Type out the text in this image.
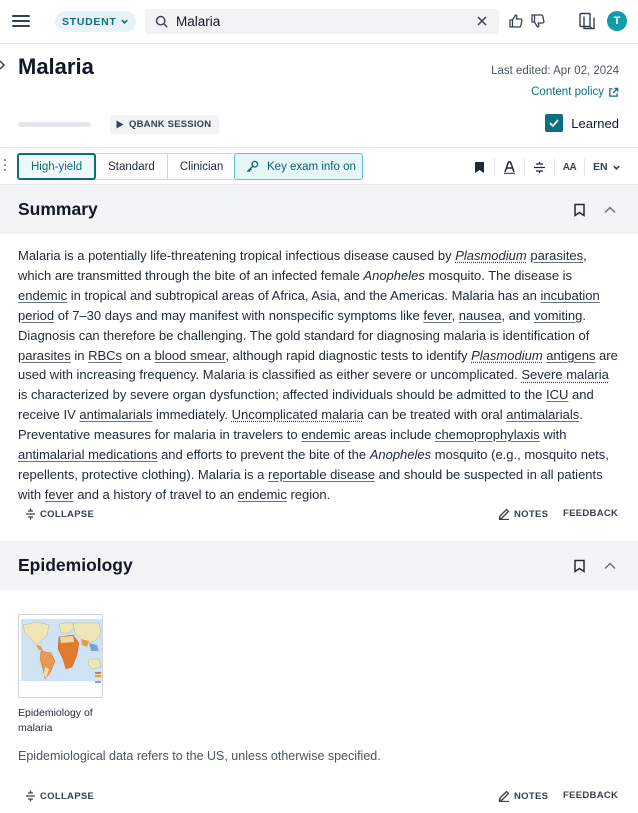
STUDENT
Malaria	T
Malaria	Last edited: Apr 02, 2024
Content policy
QBANK SESSION	Learned
High-yield	Standard	Clinician	Key exam info on	AA EN
Summary
Malaria is a potentially life-threatening tropical infectious disease caused by Plasmodium parasites, which are transmitted through the bite of an infected female Anopheles mosquito. The disease is endemic in tropical and subtropical areas of Africa, Asia, and the Americas. Malaria has an incubation period of 7–30 days and may manifest with nonspecific symptoms like fever, nausea, and vomiting. Diagnosis can therefore be challenging. The gold standard for diagnosing malaria is identification of parasites in RBCs on a blood smear, although rapid diagnostic tests to identify Plasmodium antigens are used with increasing frequency. Malaria is classified as either severe or uncomplicated. Severe malaria is characterized by severe organ dysfunction; affected individuals should be admitted to the ICU and receive IV antimalarials immediately. Uncomplicated malaria can be treated with oral antimalarials. Preventative measures for malaria in travelers to endemic areas include chemoprophylaxis with antimalarial medications and efforts to prevent the bite of the Anopheles mosquito (e.g., mosquito nets, repellents, protective clothing). Malaria is a reportable disease and should be suspected in all patients with fever and a history of travel to an endemic region.
COLLAPSE	NOTES FEEDBACK
Epidemiology
Epidemiology of malaria
Epidemiological data refers to the US, unless otherwise specified.
COLLAPSE	NOTES FEEDBACK
